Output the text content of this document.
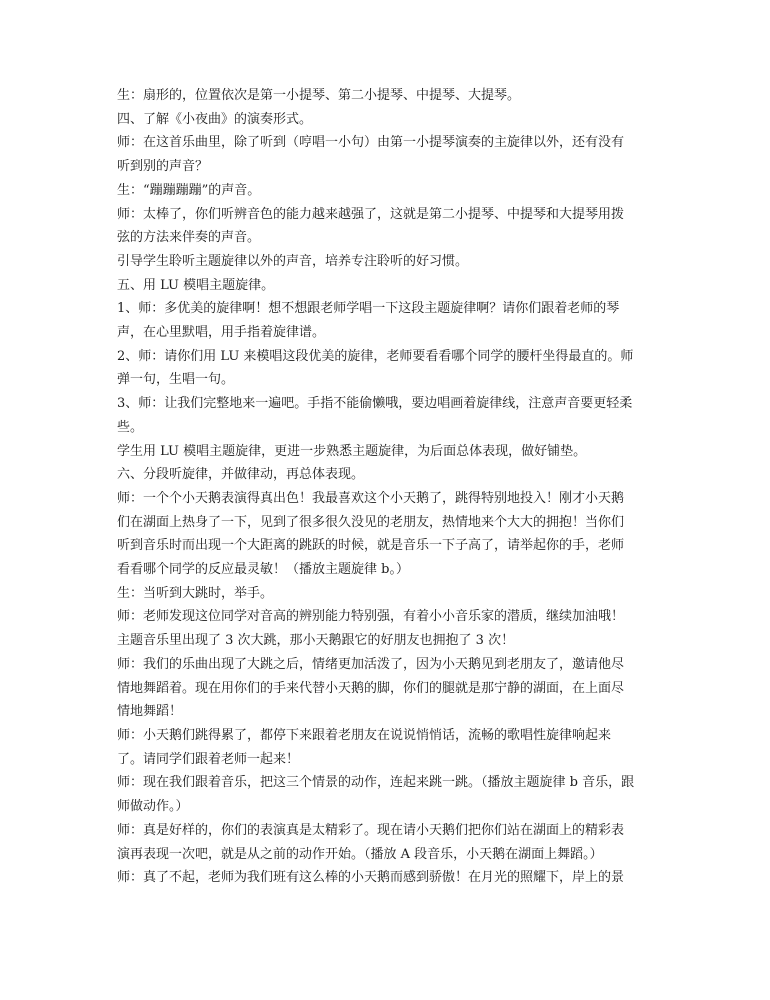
生：扇形的，位置依次是第一小提琴、第二小提琴、中提琴、大提琴。
四、了解《小夜曲》的演奏形式。
师：在这首乐曲里，除了听到（哼唱一小句）由第一小提琴演奏的主旋律以外，还有没有
听到别的声音？
生：“蹦蹦蹦蹦”的声音。
师：太棒了，你们听辨音色的能力越来越强了，这就是第二小提琴、中提琴和大提琴用拨
弦的方法来伴奏的声音。
引导学生聆听主题旋律以外的声音，培养专注聆听的好习惯。
五、用 LU 模唱主题旋律。
1、师：多优美的旋律啊！想不想跟老师学唱一下这段主题旋律啊？请你们跟着老师的琴
声，在心里默唱，用手指着旋律谱。
2、师：请你们用 LU 来模唱这段优美的旋律，老师要看看哪个同学的腰杆坐得最直的。师
弹一句，生唱一句。
3、师：让我们完整地来一遍吧。手指不能偷懒哦，要边唱画着旋律线，注意声音要更轻柔
些。
学生用 LU 模唱主题旋律，更进一步熟悉主题旋律，为后面总体表现，做好铺垫。
六、分段听旋律，并做律动，再总体表现。
师：一个个小天鹅表演得真出色！我最喜欢这个小天鹅了，跳得特别地投入！刚才小天鹅
们在湖面上热身了一下，见到了很多很久没见的老朋友，热情地来个大大的拥抱！当你们
听到音乐时而出现一个大距离的跳跃的时候，就是音乐一下子高了，请举起你的手，老师
看看哪个同学的反应最灵敏！（播放主题旋律 b。）
生：当听到大跳时，举手。
师：老师发现这位同学对音高的辨别能力特别强，有着小小音乐家的潜质，继续加油哦！
主题音乐里出现了 3 次大跳，那小天鹅跟它的好朋友也拥抱了 3 次！
师：我们的乐曲出现了大跳之后，情绪更加活泼了，因为小天鹅见到老朋友了，邀请他尽
情地舞蹈着。现在用你们的手来代替小天鹅的脚，你们的腿就是那宁静的湖面，在上面尽
情地舞蹈！
师：小天鹅们跳得累了，都停下来跟着老朋友在说说悄悄话，流畅的歌唱性旋律响起来
了。请同学们跟着老师一起来！
师：现在我们跟着音乐，把这三个情景的动作，连起来跳一跳。（播放主题旋律 b 音乐，跟
师做动作。）
师：真是好样的，你们的表演真是太精彩了。现在请小天鹅们把你们站在湖面上的精彩表
演再表现一次吧，就是从之前的动作开始。（播放 A 段音乐，小天鹅在湖面上舞蹈。）
师：真了不起，老师为我们班有这么棒的小天鹅而感到骄傲！在月光的照耀下，岸上的景
